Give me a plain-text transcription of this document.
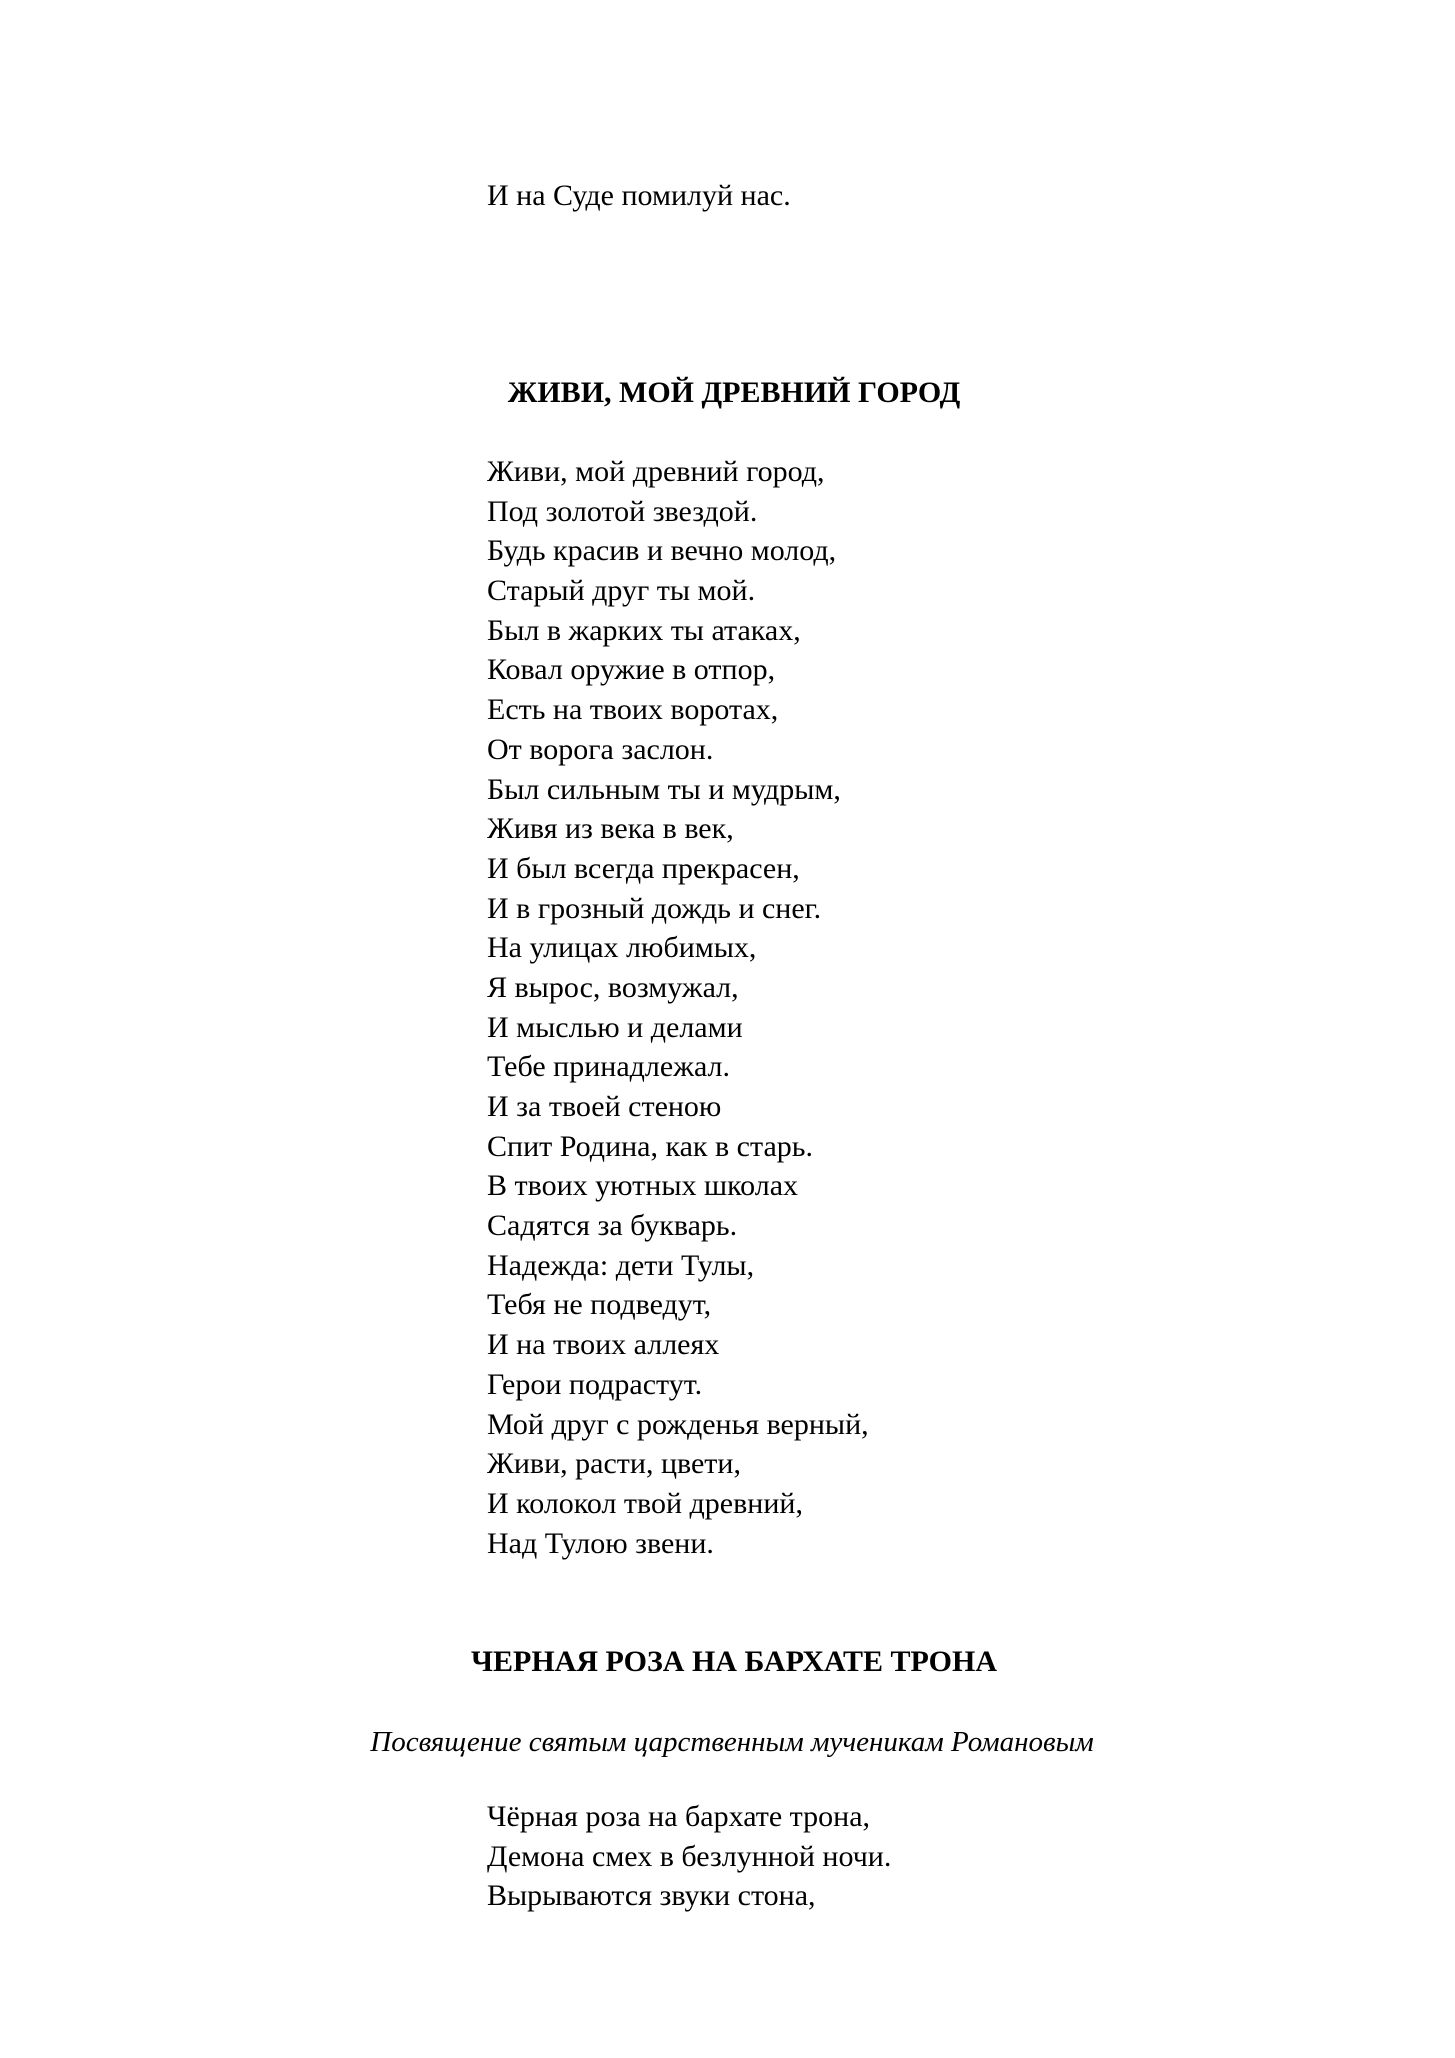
И на Суде помилуй нас.
ЖИВИ, МОЙ ДРЕВНИЙ ГОРОД
Живи, мой древний город,
Под золотой звездой.
Будь красив и вечно молод,
Старый друг ты мой.
Был в жарких ты атаках,
Ковал оружие в отпор,
Есть на твоих воротах,
От ворога заслон.
Был сильным ты и мудрым,
Живя из века в век,
И был всегда прекрасен,
И в грозный дождь и снег.
На улицах любимых,
Я вырос, возмужал,
И мыслью и делами
Тебе принадлежал.
И за твоей стеною
Спит Родина, как в старь.
В твоих уютных школах
Садятся за букварь.
Надежда: дети Тулы,
Тебя не подведут,
И на твоих аллеях
Герои подрастут.
Мой друг с рожденья верный,
Живи, расти, цвети,
И колокол твой древний,
Над Тулою звени.
ЧЕРНАЯ РОЗА НА БАРХАТЕ ТРОНА
Посвящение святым царственным мученикам Романовым
Чёрная роза на бархате трона,
Демона смех в безлунной ночи.
Вырываются звуки стона,
